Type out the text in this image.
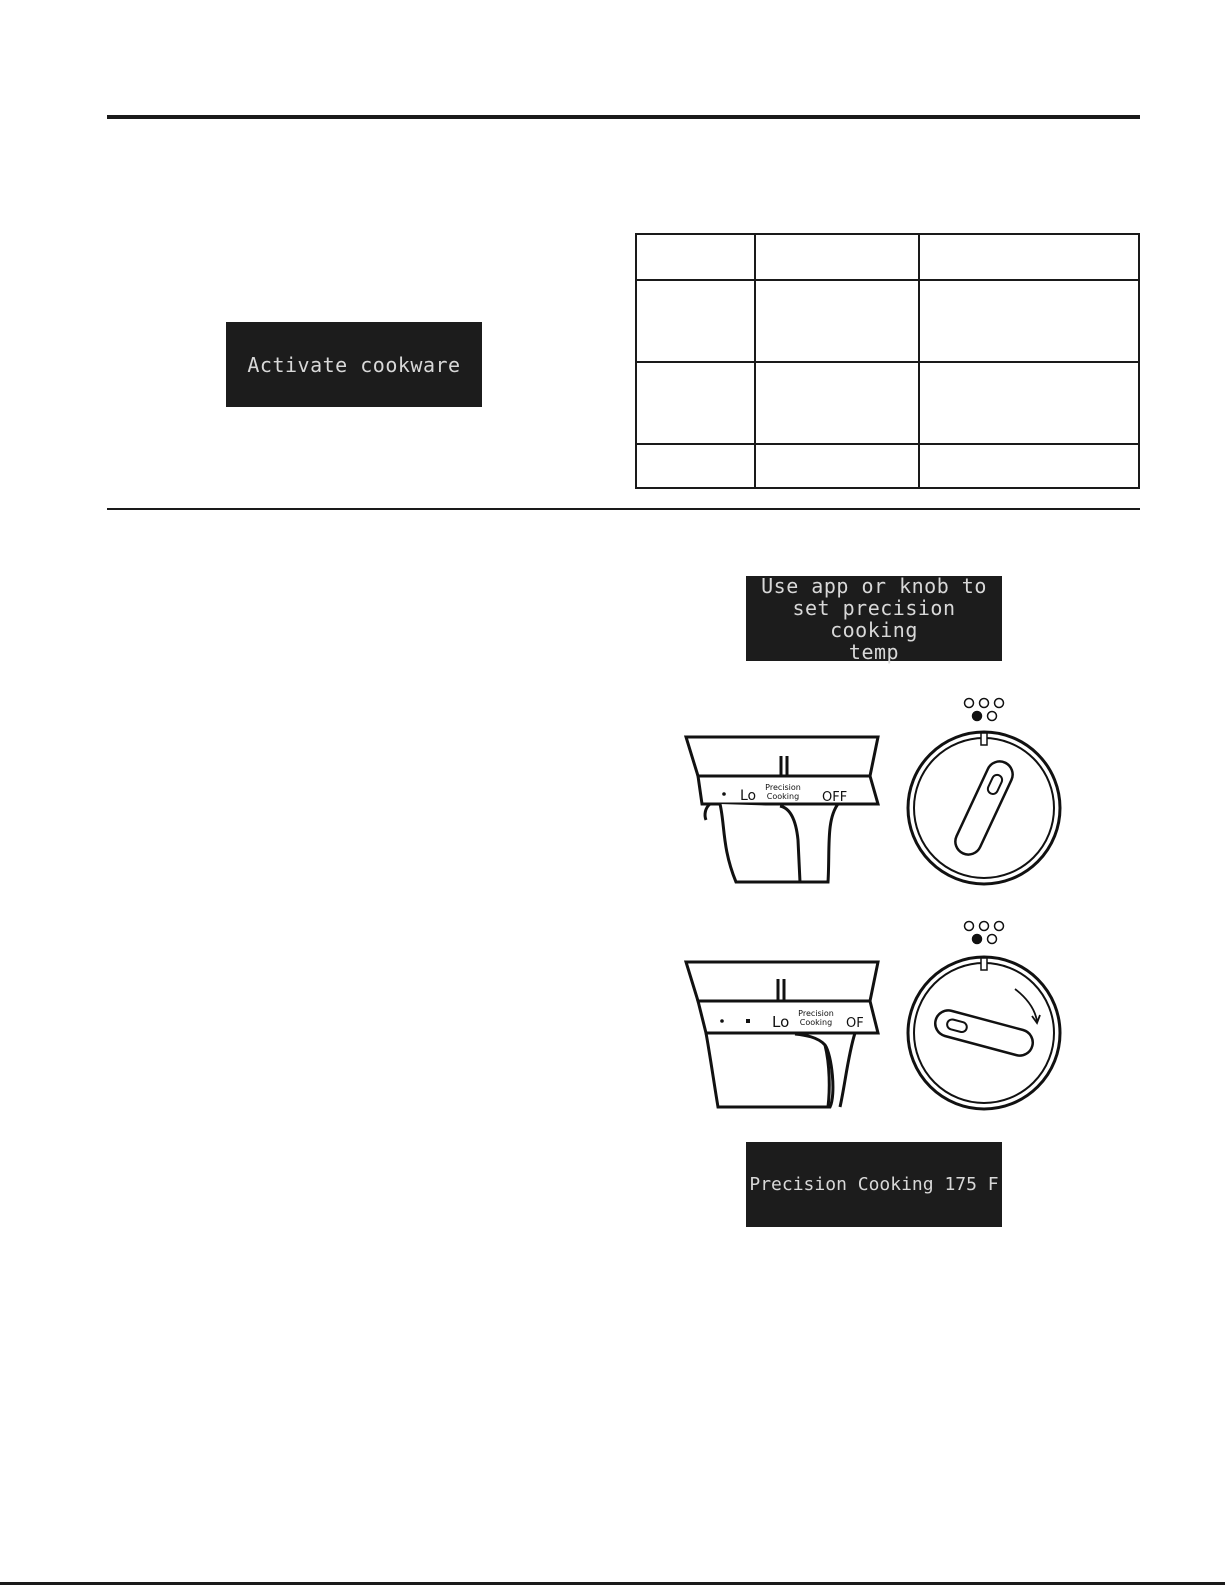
Activate cookware

Use app or knob to
set precision cooking
temp
Lo
Precision
Cooking OFF
Lo Precision
Cooking OF
Precision Cooking 175 F
